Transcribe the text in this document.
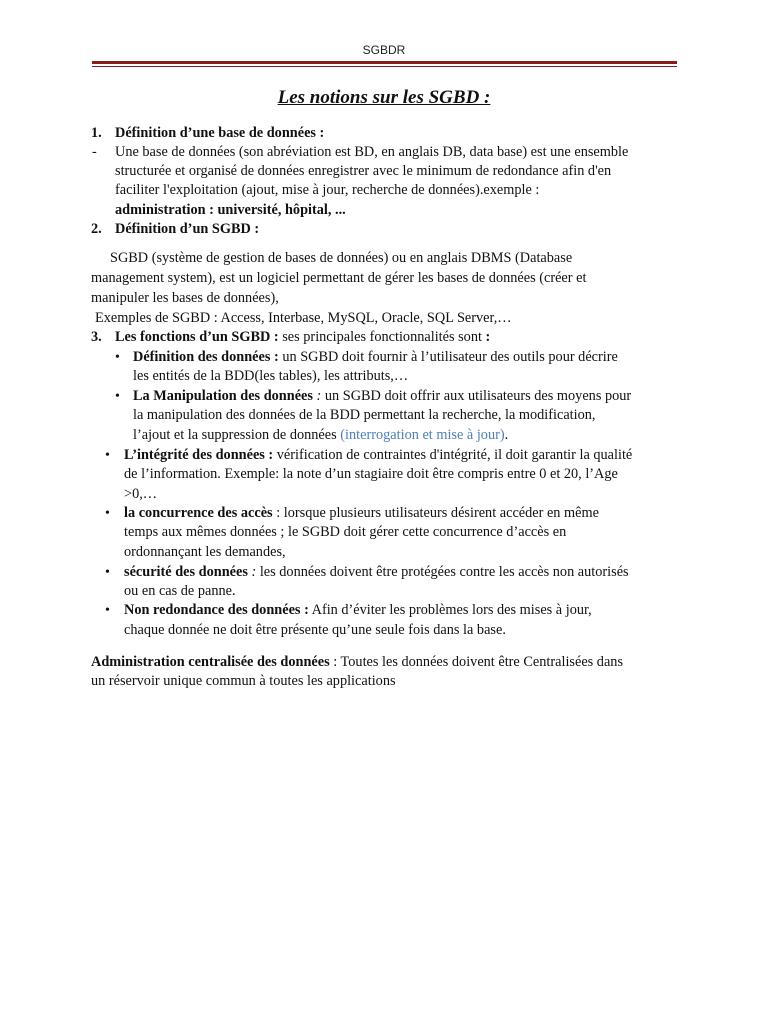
SGBDR
Les notions sur les SGBD :
1. Définition d’une base de données :
- Une base de données (son abréviation est BD, en anglais DB, data base) est une ensemble
structurée et organisé de données enregistrer avec le minimum de redondance afin d'en
faciliter l'exploitation (ajout, mise à jour, recherche de données).exemple :
administration : université, hôpital, ...
2. Définition d’un SGBD :
SGBD (système de gestion de bases de données) ou en anglais DBMS (Database
management system), est un logiciel permettant de gérer les bases de données (créer et
manipuler les bases de données),
Exemples de SGBD : Access, Interbase, MySQL, Oracle, SQL Server,…
3. Les fonctions d’un SGBD : ses principales fonctionnalités sont :
• Définition des données : un SGBD doit fournir à l’utilisateur des outils pour décrire
les entités de la BDD(les tables), les attributs,…
• La Manipulation des données : un SGBD doit offrir aux utilisateurs des moyens pour
la manipulation des données de la BDD permettant la recherche, la modification,
l’ajout et la suppression de données (interrogation et mise à jour).
• L’intégrité des données : vérification de contraintes d'intégrité, il doit garantir la qualité
de l’information. Exemple: la note d’un stagiaire doit être compris entre 0 et 20, l’Age
>0,…
• la concurrence des accès : lorsque plusieurs utilisateurs désirent accéder en même
temps aux mêmes données ; le SGBD doit gérer cette concurrence d’accès en
ordonnançant les demandes,
• sécurité des données : les données doivent être protégées contre les accès non autorisés
ou en cas de panne.
• Non redondance des données : Afin d’éviter les problèmes lors des mises à jour,
chaque donnée ne doit être présente qu’une seule fois dans la base.
Administration centralisée des données : Toutes les données doivent être Centralisées dans
un réservoir unique commun à toutes les applications
